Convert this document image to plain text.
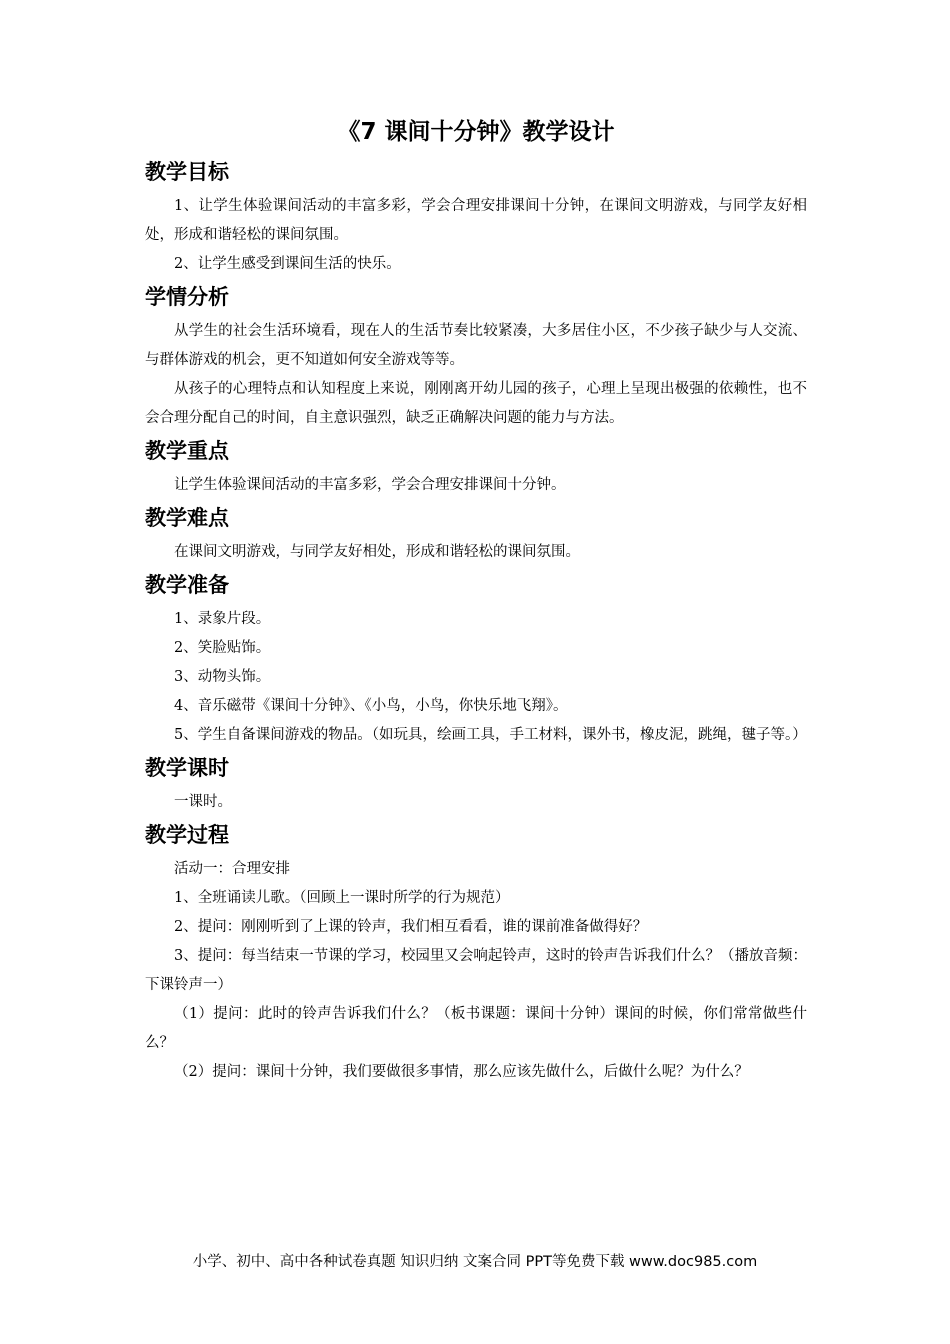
《7 课间十分钟》教学设计
教学目标

1、让学生体验课间活动的丰富多彩，学会合理安排课间十分钟，在课间文明游戏，与同学友好相处，形成和谐轻松的课间氛围。

2、让学生感受到课间生活的快乐。

学情分析

从学生的社会生活环境看，现在人的生活节奏比较紧凑，大多居住小区，不少孩子缺少与人交流、与群体游戏的机会，更不知道如何安全游戏等等。

从孩子的心理特点和认知程度上来说，刚刚离开幼儿园的孩子，心理上呈现出极强的依赖性，也不会合理分配自己的时间，自主意识强烈，缺乏正确解决问题的能力与方法。

教学重点

让学生体验课间活动的丰富多彩，学会合理安排课间十分钟。

教学难点

在课间文明游戏，与同学友好相处，形成和谐轻松的课间氛围。

教学准备

1、录象片段。

2、笑脸贴饰。

3、动物头饰。

4、音乐磁带《课间十分钟》、《小鸟，小鸟，你快乐地飞翔》。

5、学生自备课间游戏的物品。（如玩具，绘画工具，手工材料，课外书，橡皮泥，跳绳，毽子等。）

教学课时

一课时。

教学过程

活动一：合理安排

1、全班诵读儿歌。（回顾上一课时所学的行为规范）

2、提问：刚刚听到了上课的铃声，我们相互看看，谁的课前准备做得好？

3、提问：每当结束一节课的学习，校园里又会响起铃声，这时的铃声告诉我们什么？（播放音频：下课铃声一）

（1）提问：此时的铃声告诉我们什么？（板书课题：课间十分钟）课间的时候，你们常常做些什么？

（2）提问：课间十分钟，我们要做很多事情，那么应该先做什么，后做什么呢？为什么？

小学、初中、高中各种试卷真题 知识归纳 文案合同 PPT等免费下载 www.doc985.com
